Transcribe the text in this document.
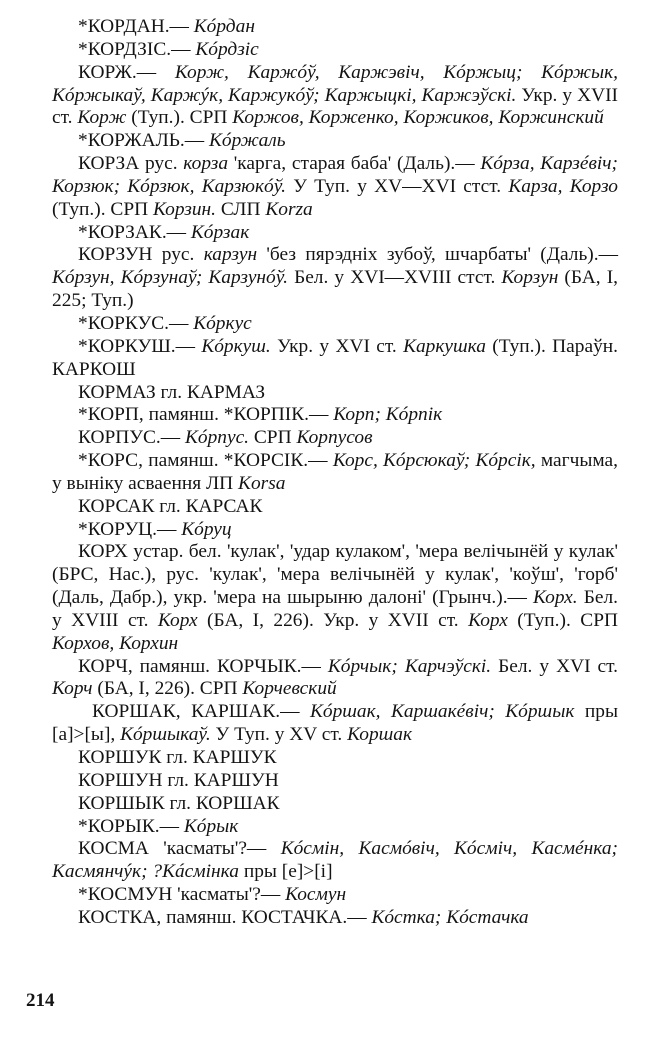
*КОРДАН.— Кóрдан

*КОРДЗІС.— Кóрдзіс

КОРЖ.— Корж, Каржóў, Каржэвіч, Кóржыц; Кóржык, Кóржыкаў, Каржýк, Каржукóў; Каржыцкі, Каржэўскі. Укр. у XVII ст. Корж (Туп.). СРП Коржов, Корженко, Коржиков, Коржинский

*КОРЖАЛЬ.— Кóржаль

КОРЗА рус. корза 'карга, старая баба' (Даль).— Кóрза, Карзéвіч; Корзюк; Кóрзюк, Карзюкóў. У Туп. у XV—XVI стст. Карза, Корзо (Туп.). СРП Корзин. СЛП Korza

*КОРЗАК.— Кóрзак

КОРЗУН рус. карзун 'без пярэдніх зубоў, шчарбаты' (Даль).— Кóрзун, Кóрзунаў; Карзунóў. Бел. у XVI—XVIII стст. Корзун (БА, I, 225; Туп.)

*КОРКУС.— Кóркус

*КОРКУШ.— Кóркуш. Укр. у XVI ст. Каркушка (Туп.). Параўн. КАРКОШ

КОРМАЗ гл. КАРМАЗ

*КОРП, памянш. *КОРПІК.— Корп; Кóрпік

КОРПУС.— Кóрпус. СРП Корпусов

*КОРС, памянш. *КОРСІК.— Корс, Кóрсюкаў; Кóрсік, магчыма, у выніку асваення ЛП Korsa

КОРСАК гл. КАРСАК

*КОРУЦ.— Кóруц

КОРХ устар. бел. 'кулак', 'удар кулаком', 'мера велічынёй у кулак' (БРС, Нас.), рус. 'кулак', 'мера велічынёй у кулак', 'коўш', 'горб' (Даль, Дабр.), укр. 'мера на шырыню далоні' (Грынч.).— Корх. Бел. у XVIII ст. Корх (БА, I, 226). Укр. у XVII ст. Корх (Туп.). СРП Корхов, Корхин

КОРЧ, памянш. КОРЧЫК.— Кóрчык; Карчэўскі. Бел. у XVI ст. Корч (БА, I, 226). СРП Корчевский

КОРШАК, КАРШАК.— Кóршак, Каршакéвіч; Кóршык пры [а]>[ы], Кóршыкаў. У Туп. у XV ст. Коршак

КОРШУК гл. КАРШУК

КОРШУН гл. КАРШУН

КОРШЫК гл. КОРШАК

*КОРЫК.— Кóрык

КОСМА 'касматы'?— Кóсмін, Касмóвіч, Кóсміч, Касмéнка; Касмянчýк; ?Кáсмінка пры [е]>[і]

*КОСМУН 'касматы'?— Космун

КОСТКА, памянш. КОСТАЧКА.— Кóстка; Кóстачка

214
